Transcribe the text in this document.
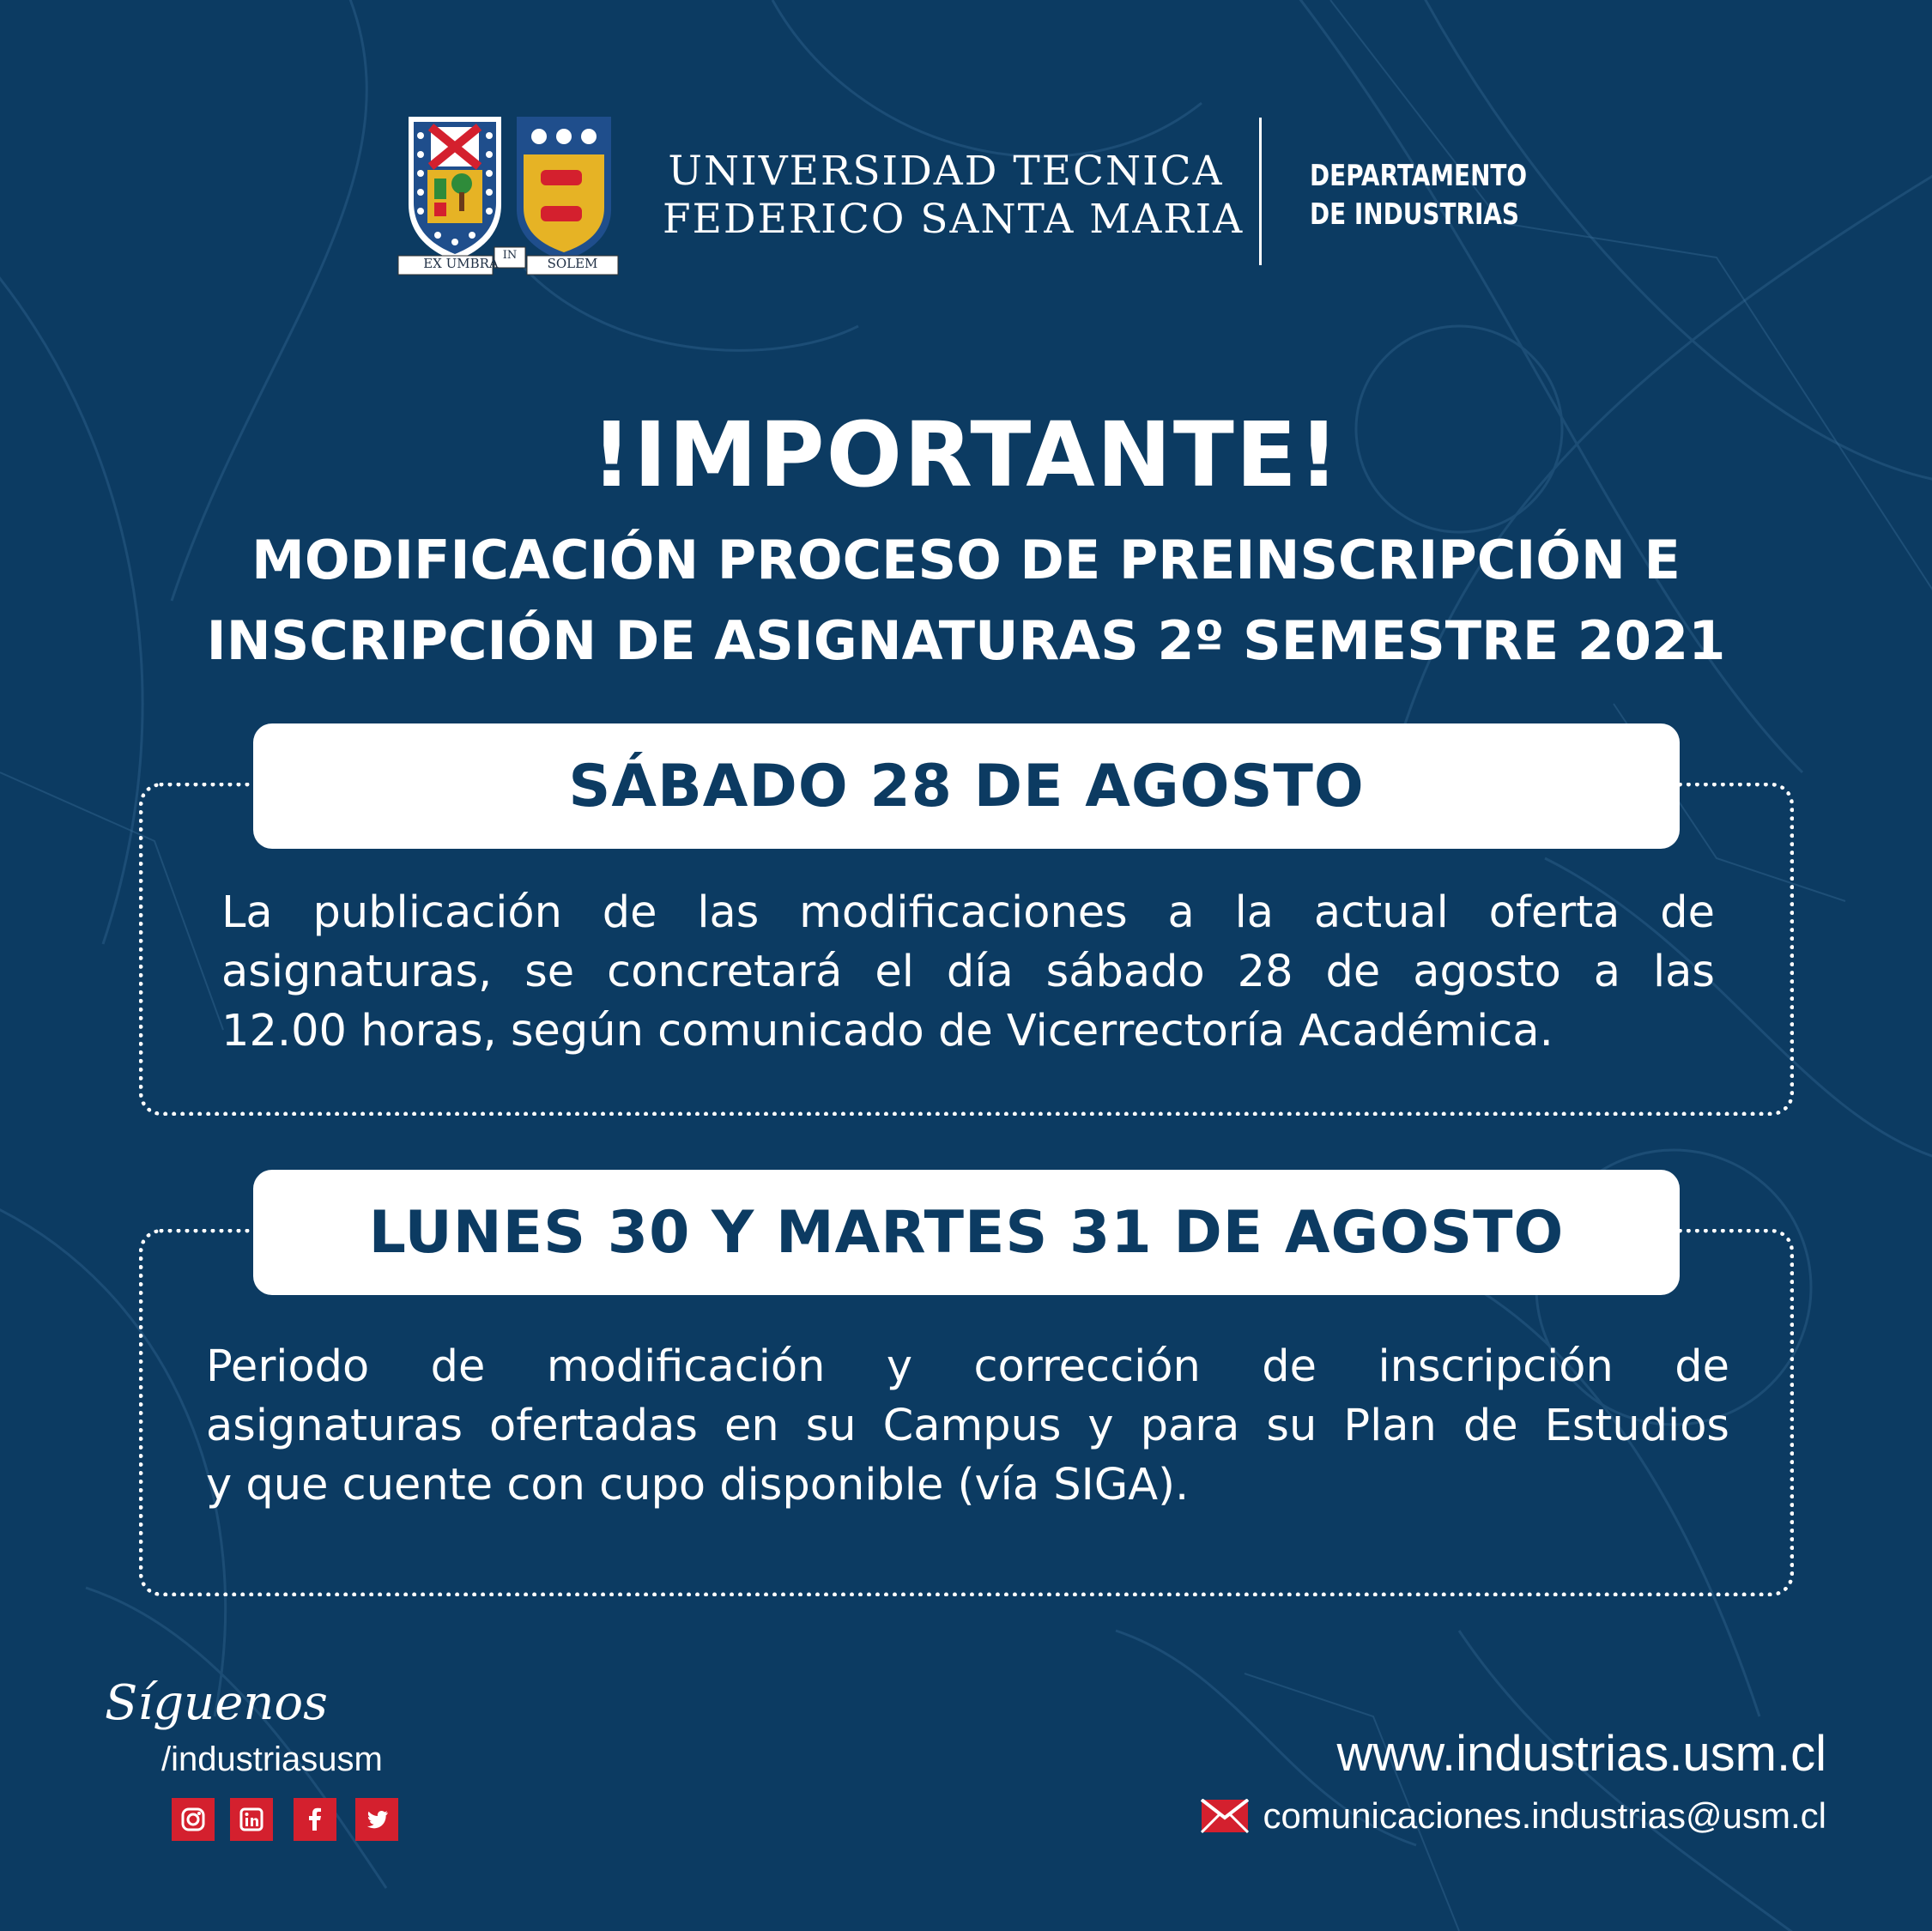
EX UMBRA
IN
SOLEM
UNIVERSIDAD TECNICA
FEDERICO SANTA MARIA
DEPARTAMENTO
DE INDUSTRIAS
!IMPORTANTE!
MODIFICACIÓN PROCESO DE PREINSCRIPCIÓN E
INSCRIPCIÓN DE ASIGNATURAS 2º SEMESTRE 2021
SÁBADO 28 DE AGOSTO
La publicación de las modificaciones a la actual oferta de
asignaturas, se concretará el día sábado 28 de agosto a las
12.00 horas, según comunicado de Vicerrectoría Académica.
LUNES 30 Y MARTES 31 DE AGOSTO
Periodo de modificación y corrección de inscripción de
asignaturas ofertadas en su Campus y para su Plan de Estudios
y que cuente con cupo disponible (vía SIGA).
Síguenos
/industriasusm	www.industrias.usm.cl
comunicaciones.industrias@usm.cl
